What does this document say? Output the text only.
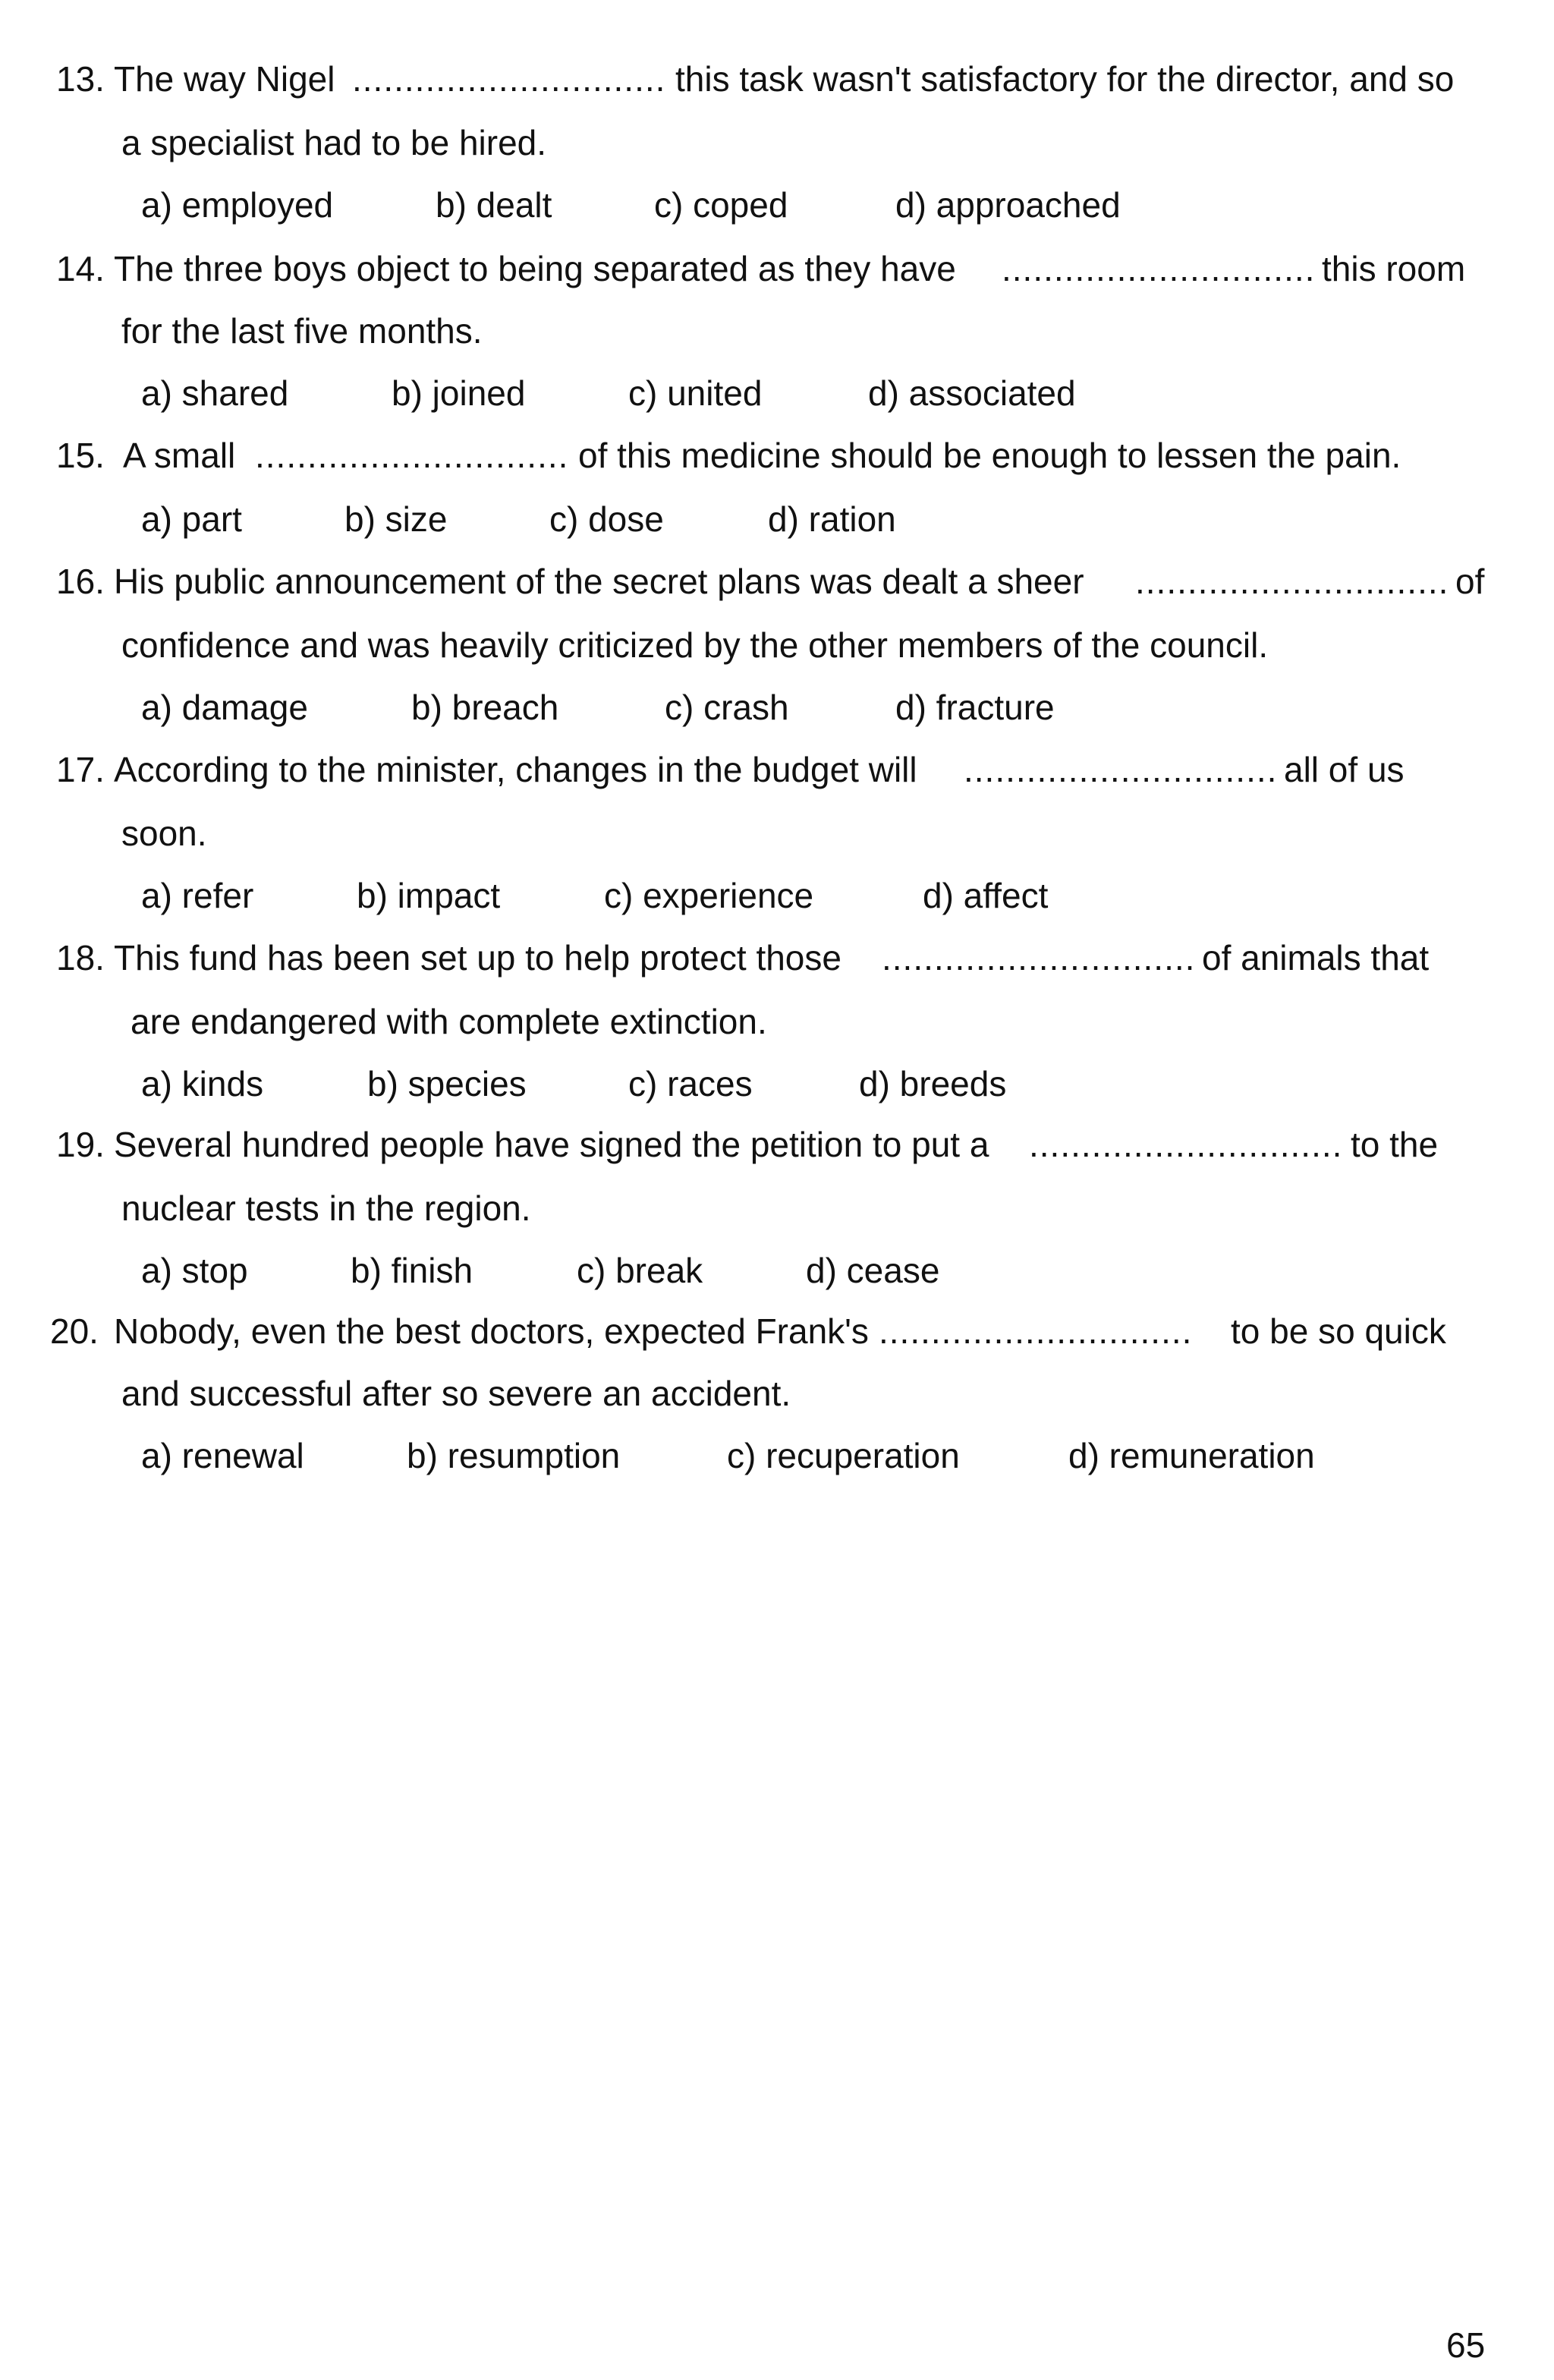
13. The way Nigel .............................. this task wasn't satisfactory for the director, and so
a specialist had to be hired.
a) employed	b) dealt	c) coped	d) approached
14. The three boys object to being separated as they have .............................. this room
for the last five months.
a) shared	b) joined	c) united	d) associated
15. A small .............................. of this medicine should be enough to lessen the pain.
a) part	b) size	c) dose	d) ration
16. His public announcement of the secret plans was dealt a sheer .............................. of
confidence and was heavily criticized by the other members of the council.
a) damage	b) breach	c) crash	d) fracture
17. According to the minister, changes in the budget will .............................. all of us
soon.
a) refer	b) impact	c) experience	d) affect
18. This fund has been set up to help protect those .............................. of animals that
are endangered with complete extinction.
a) kinds	b) species	c) races	d) breeds
19. Several hundred people have signed the petition to put a .............................. to the
nuclear tests in the region.
a) stop	b) finish	c) break	d) cease
20. Nobody, even the best doctors, expected Frank's .............................. to be so quick
and successful after so severe an accident.
a) renewal	b) resumption	c) recuperation	d) remuneration
65
